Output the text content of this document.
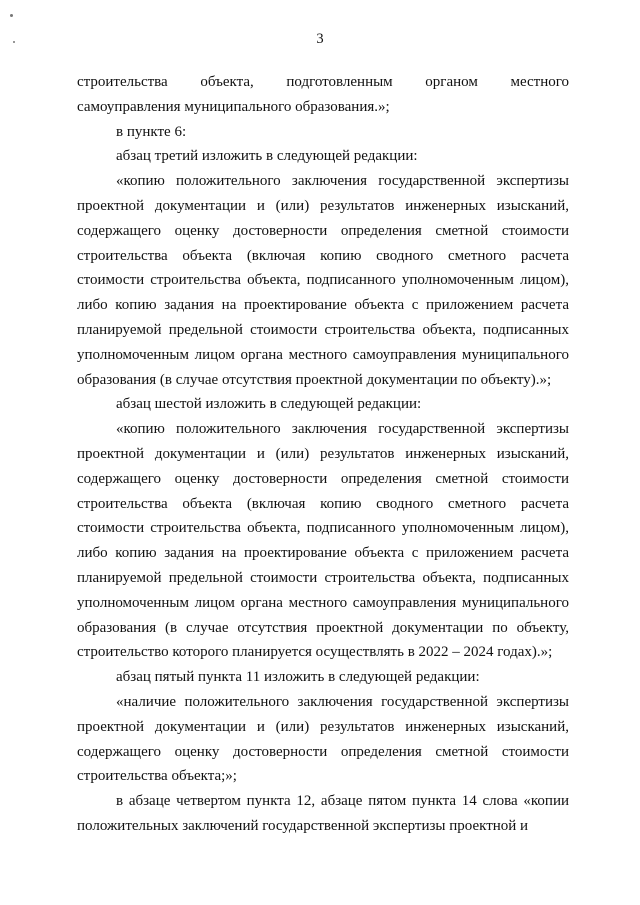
3
строительства объекта, подготовленным органом местного
самоуправления муниципального образования.»;
в пункте 6:
абзац третий изложить в следующей редакции:
«копию положительного заключения государственной экспертизы
проектной документации и (или) результатов инженерных изысканий,
содержащего оценку достоверности определения сметной стоимости
строительства объекта (включая копию сводного сметного расчета
стоимости строительства объекта, подписанного уполномоченным лицом),
либо копию задания на проектирование объекта с приложением расчета
планируемой предельной стоимости строительства объекта, подписанных
уполномоченным лицом органа местного самоуправления муниципального
образования (в случае отсутствия проектной документации по объекту).»;
абзац шестой изложить в следующей редакции:
«копию положительного заключения государственной экспертизы
проектной документации и (или) результатов инженерных изысканий,
содержащего оценку достоверности определения сметной стоимости
строительства объекта (включая копию сводного сметного расчета
стоимости строительства объекта, подписанного уполномоченным лицом),
либо копию задания на проектирование объекта с приложением расчета
планируемой предельной стоимости строительства объекта, подписанных
уполномоченным лицом органа местного самоуправления муниципального
образования (в случае отсутствия проектной документации по объекту,
строительство которого планируется осуществлять в 2022 – 2024 годах).»;
абзац пятый пункта 11 изложить в следующей редакции:
«наличие положительного заключения государственной экспертизы
проектной документации и (или) результатов инженерных изысканий,
содержащего оценку достоверности определения сметной стоимости
строительства объекта;»;
в абзаце четвертом пункта 12, абзаце пятом пункта 14 слова «копии
положительных заключений государственной экспертизы проектной и
